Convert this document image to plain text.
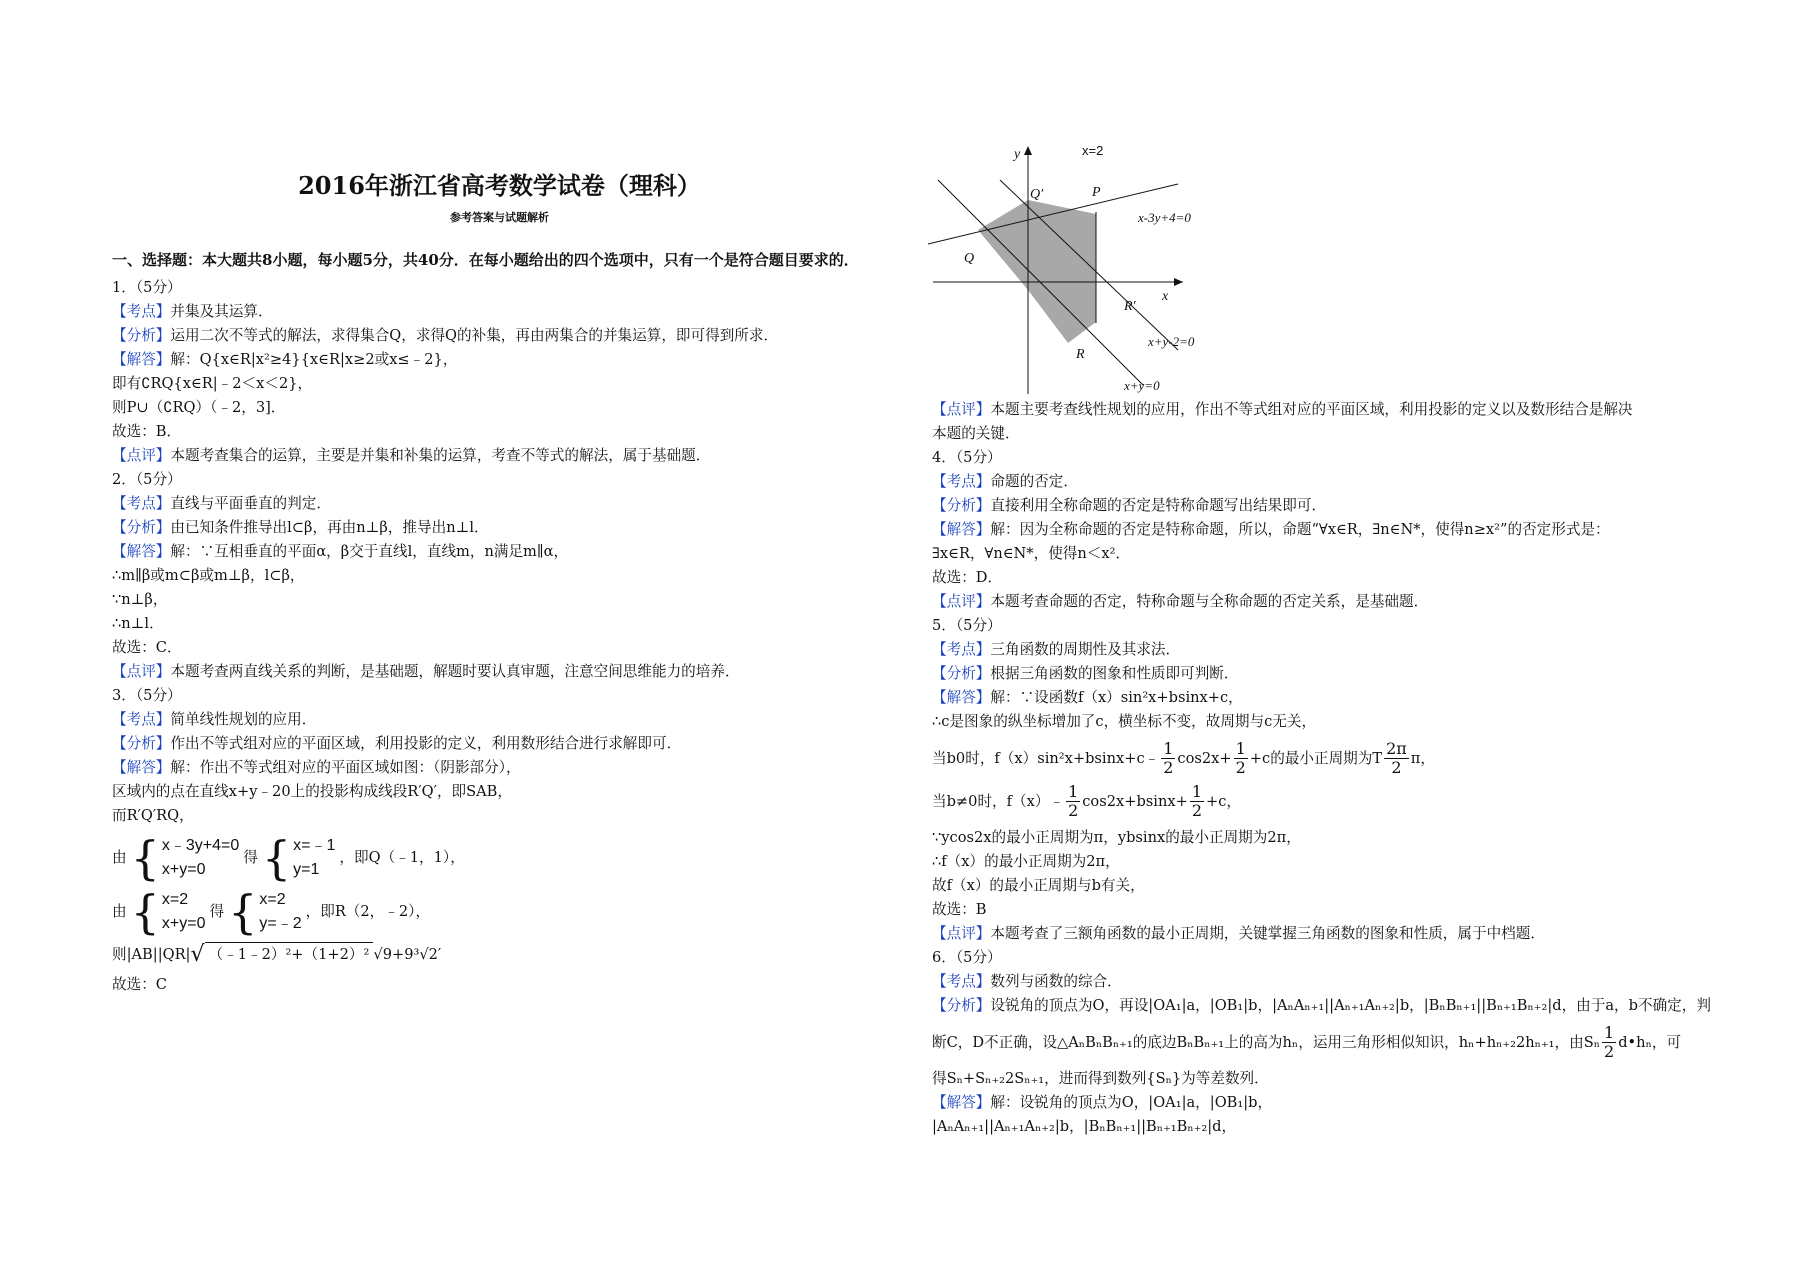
2016年浙江省高考数学试卷（理科）
参考答案与试题解析
一、选择题：本大题共8小题，每小题5分，共40分．在每小题给出的四个选项中，只有一个是符合题目要求的．
1．（5分）
【考点】并集及其运算．
【分析】运用二次不等式的解法，求得集合Q，求得Q的补集，再由两集合的并集运算，即可得到所求．
【解答】解：Q{x∈R|x²≥4}{x∈R|x≥2或x≤﹣2}，
即有∁RQ{x∈R|﹣2＜x＜2}，
则P∪（∁RQ）（﹣2，3]．
故选：B．
【点评】本题考查集合的运算，主要是并集和补集的运算，考查不等式的解法，属于基础题．
2．（5分）
【考点】直线与平面垂直的判定．
【分析】由已知条件推导出l⊂β，再由n⊥β，推导出n⊥l．
【解答】解：∵互相垂直的平面α，β交于直线l，直线m，n满足m∥α，
∴m∥β或m⊂β或m⊥β，l⊂β，
∵n⊥β，
∴n⊥l．
故选：C．
【点评】本题考查两直线关系的判断，是基础题，解题时要认真审题，注意空间思维能力的培养．
3．（5分）
【考点】简单线性规划的应用．
【分析】作出不等式组对应的平面区域，利用投影的定义，利用数形结合进行求解即可．
【解答】解：作出不等式组对应的平面区域如图：（阴影部分），
区域内的点在直线x+y﹣20上的投影构成线段R′Q′，即SAB，
而R′Q′RQ，
由 { x﹣3y+4=0
x+y=0
得 { x=﹣1
y=1
，即Q（﹣1，1），
由 { x=2
x+y=0
得 { x=2
y=﹣2
，即R（2，﹣2），
则|AB||QR| √ （﹣1﹣2）²+（1+2）² √9+9³√2′
故选：C
x=2
y
x
Q′	P
Q
x-3y+4=0
R′
R
x+y-2=0
x+y=0
【点评】本题主要考查线性规划的应用，作出不等式组对应的平面区域，利用投影的定义以及数形结合是解决
本题的关键．
4．（5分）
【考点】命题的否定．
【分析】直接利用全称命题的否定是特称命题写出结果即可．
【解答】解：因为全称命题的否定是特称命题，所以，命题“∀x∈R，∃n∈N*，使得n≥x²”的否定形式是：
∃x∈R，∀n∈N*，使得n＜x²．
故选：D．
【点评】本题考查命题的否定，特称命题与全称命题的否定关系，是基础题．
5．（5分）
【考点】三角函数的周期性及其求法．
【分析】根据三角函数的图象和性质即可判断．
【解答】解：∵设函数f（x）sin²x+bsinx+c，
∴c是图象的纵坐标增加了c，横坐标不变，故周期与c无关，
当b0时，f（x）sin²x+bsinx+c﹣ $\frac{1}{2} \cos 2x+ \frac{1}{2} +c$的最小正周期为T $\frac{2\pi}{2}$ π，
当b≠0时，f（x）﹣ $\frac{1}{2} \cos 2x+bsinx+ \frac{1}{2} +c$，
∵ycos2x的最小正周期为π，ybsinx的最小正周期为2π，
∴f（x）的最小正周期为2π，
故f（x）的最小正周期与b有关，
故选：B
【点评】本题考查了三额角函数的最小正周期，关键掌握三角函数的图象和性质，属于中档题．
6．（5分）
【考点】数列与函数的综合．
【分析】设锐角的顶点为O，再设|OA₁|a，|OB₁|b，|AₙAₙ₊₁||Aₙ₊₁Aₙ₊₂|b，|BₙBₙ₊₁||Bₙ₊₁Bₙ₊₂|d，由于a，b不确定，判
断C，D不正确，设△AₙBₙBₙ₊₁的底边BₙBₙ₊₁上的高为hₙ，运用三角形相似知识，hₙ+hₙ₊₂2hₙ₊₁，由Sₙ $\frac{1}{2}$ d•hₙ，可
得Sₙ+Sₙ₊₂2Sₙ₊₁，进而得到数列{Sₙ}为等差数列．
【解答】解：设锐角的顶点为O，|OA₁|a，|OB₁|b，
|AₙAₙ₊₁||Aₙ₊₁Aₙ₊₂|b，|BₙBₙ₊₁||Bₙ₊₁Bₙ₊₂|d，
